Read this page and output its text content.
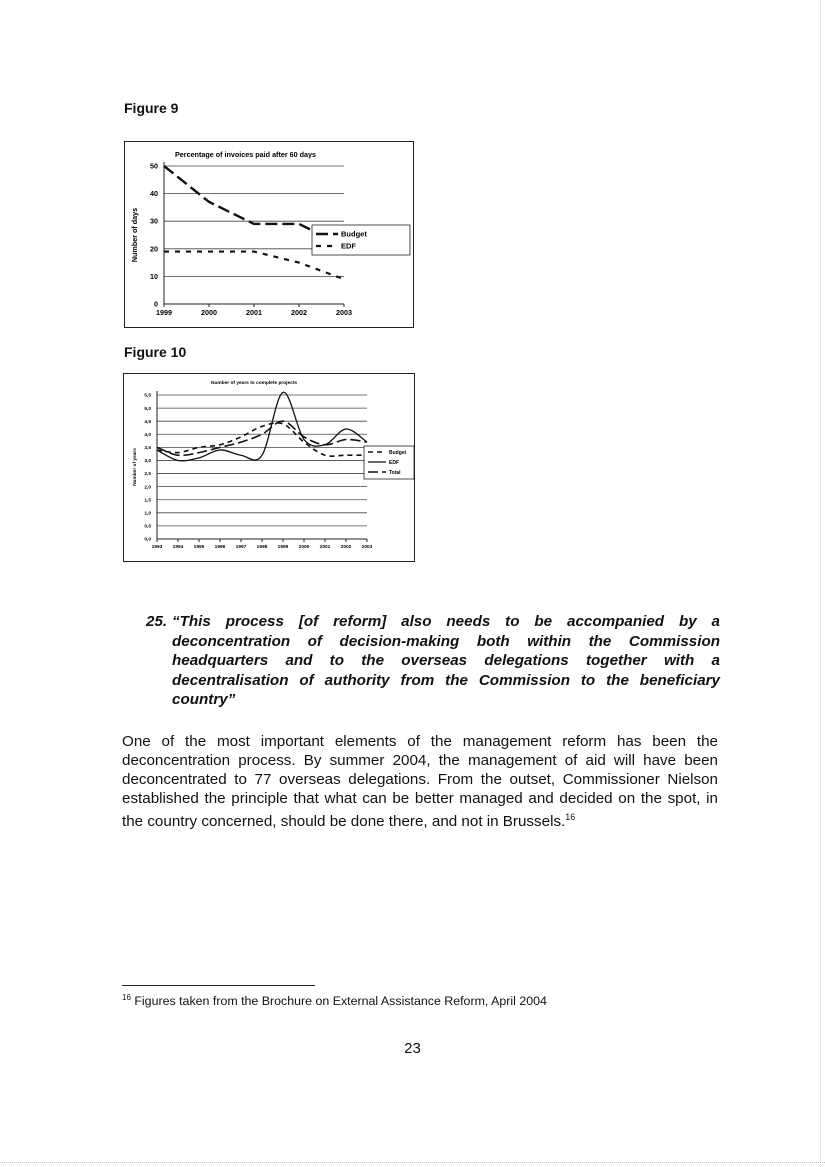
Figure 9
Percentage of invoices paid after 60 days
0
10
20
30
40
50
1999	2000	2001	2002	2003
Number of days	Budget
EDF
Figure 10
Number of years to complete projects
0,0
0,5
1,0
1,5
2,0
2,5
3,0
3,5
4,0
4,5
5,0
5,5
1993 1994 1995 1996 1997 1998 1999 2000 2001 2002 2003
Number of years	Budget
EDF
Total
25. “This process [of reform] also needs to be accompanied by a deconcentration of decision-making both within the Commission headquarters and to the overseas delegations together with a decentralisation of authority from the Commission to the beneficiary country”
One of the most important elements of the management reform has been the deconcentration process. By summer 2004, the management of aid will have been deconcentrated to 77 overseas delegations. From the outset, Commissioner Nielson established the principle that what can be better managed and decided on the spot, in the country concerned, should be done there, and not in Brussels.$^{16}$
$^{16}$ Figures taken from the Brochure on External Assistance Reform, April 2004
23
